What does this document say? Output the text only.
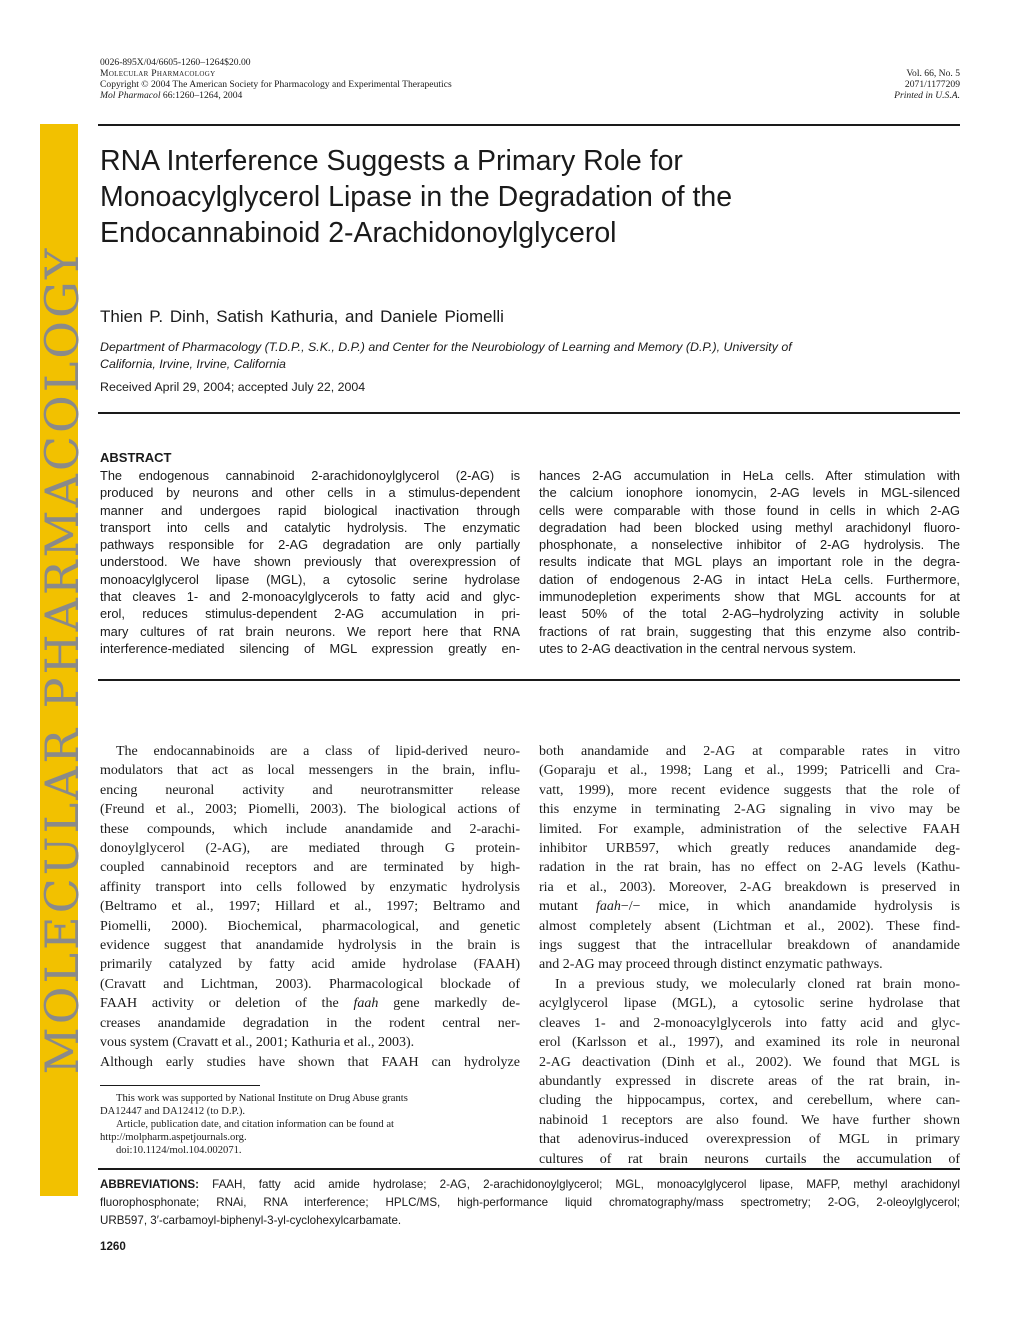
0026-895X/04/6605-1260–1264$20.00
Molecular Pharmacology
Copyright © 2004 The American Society for Pharmacology and Experimental Therapeutics
Mol Pharmacol 66:1260–1264, 2004
Vol. 66, No. 5
2071/1177209
Printed in U.S.A.
MOLECULAR PHARMACOLOGY
RNA Interference Suggests a Primary Role for
Monoacylglycerol Lipase in the Degradation of the
Endocannabinoid 2-Arachidonoylglycerol
Thien P. Dinh, Satish Kathuria, and Daniele Piomelli
Department of Pharmacology (T.D.P., S.K., D.P.) and Center for the Neurobiology of Learning and Memory (D.P.), University of
California, Irvine, Irvine, California
Received April 29, 2004; accepted July 22, 2004
ABSTRACT
The endogenous cannabinoid 2-arachidonoylglycerol (2-AG) is
produced by neurons and other cells in a stimulus-dependent
manner and undergoes rapid biological inactivation through
transport into cells and catalytic hydrolysis. The enzymatic
pathways responsible for 2-AG degradation are only partially
understood. We have shown previously that overexpression of
monoacylglycerol lipase (MGL), a cytosolic serine hydrolase
that cleaves 1- and 2-monoacylglycerols to fatty acid and glyc-
erol, reduces stimulus-dependent 2-AG accumulation in pri-
mary cultures of rat brain neurons. We report here that RNA
interference-mediated silencing of MGL expression greatly en-
hances 2-AG accumulation in HeLa cells. After stimulation with
the calcium ionophore ionomycin, 2-AG levels in MGL-silenced
cells were comparable with those found in cells in which 2-AG
degradation had been blocked using methyl arachidonyl fluoro-
phosphonate, a nonselective inhibitor of 2-AG hydrolysis. The
results indicate that MGL plays an important role in the degra-
dation of endogenous 2-AG in intact HeLa cells. Furthermore,
immunodepletion experiments show that MGL accounts for at
least 50% of the total 2-AG–hydrolyzing activity in soluble
fractions of rat brain, suggesting that this enzyme also contrib-
utes to 2-AG deactivation in the central nervous system.
The endocannabinoids are a class of lipid-derived neuro-
modulators that act as local messengers in the brain, influ-
encing neuronal activity and neurotransmitter release
(Freund et al., 2003; Piomelli, 2003). The biological actions of
these compounds, which include anandamide and 2-arachi-
donoylglycerol (2-AG), are mediated through G protein-
coupled cannabinoid receptors and are terminated by high-
affinity transport into cells followed by enzymatic hydrolysis
(Beltramo et al., 1997; Hillard et al., 1997; Beltramo and
Piomelli, 2000). Biochemical, pharmacological, and genetic
evidence suggest that anandamide hydrolysis in the brain is
primarily catalyzed by fatty acid amide hydrolase (FAAH)
(Cravatt and Lichtman, 2003). Pharmacological blockade of
FAAH activity or deletion of the faah gene markedly de-
creases anandamide degradation in the rodent central ner-
vous system (Cravatt et al., 2001; Kathuria et al., 2003).
Although early studies have shown that FAAH can hydrolyze
This work was supported by National Institute on Drug Abuse grants
DA12447 and DA12412 (to D.P.).
Article, publication date, and citation information can be found at
http://molpharm.aspetjournals.org.
doi:10.1124/mol.104.002071.
both anandamide and 2-AG at comparable rates in vitro
(Goparaju et al., 1998; Lang et al., 1999; Patricelli and Cra-
vatt, 1999), more recent evidence suggests that the role of
this enzyme in terminating 2-AG signaling in vivo may be
limited. For example, administration of the selective FAAH
inhibitor URB597, which greatly reduces anandamide deg-
radation in the rat brain, has no effect on 2-AG levels (Kathu-
ria et al., 2003). Moreover, 2-AG breakdown is preserved in
mutant faah−/− mice, in which anandamide hydrolysis is
almost completely absent (Lichtman et al., 2002). These find-
ings suggest that the intracellular breakdown of anandamide
and 2-AG may proceed through distinct enzymatic pathways.
In a previous study, we molecularly cloned rat brain mono-
acylglycerol lipase (MGL), a cytosolic serine hydrolase that
cleaves 1- and 2-monoacylglycerols into fatty acid and glyc-
erol (Karlsson et al., 1997), and examined its role in neuronal
2-AG deactivation (Dinh et al., 2002). We found that MGL is
abundantly expressed in discrete areas of the rat brain, in-
cluding the hippocampus, cortex, and cerebellum, where can-
nabinoid 1 receptors are also found. We have further shown
that adenovirus-induced overexpression of MGL in primary
cultures of rat brain neurons curtails the accumulation of
ABBREVIATIONS: FAAH, fatty acid amide hydrolase; 2-AG, 2-arachidonoylglycerol; MGL, monoacylglycerol lipase, MAFP, methyl arachidonyl
fluorophosphonate; RNAi, RNA interference; HPLC/MS, high-performance liquid chromatography/mass spectrometry; 2-OG, 2-oleoylglycerol;
URB597, 3′-carbamoyl-biphenyl-3-yl-cyclohexylcarbamate.
1260
